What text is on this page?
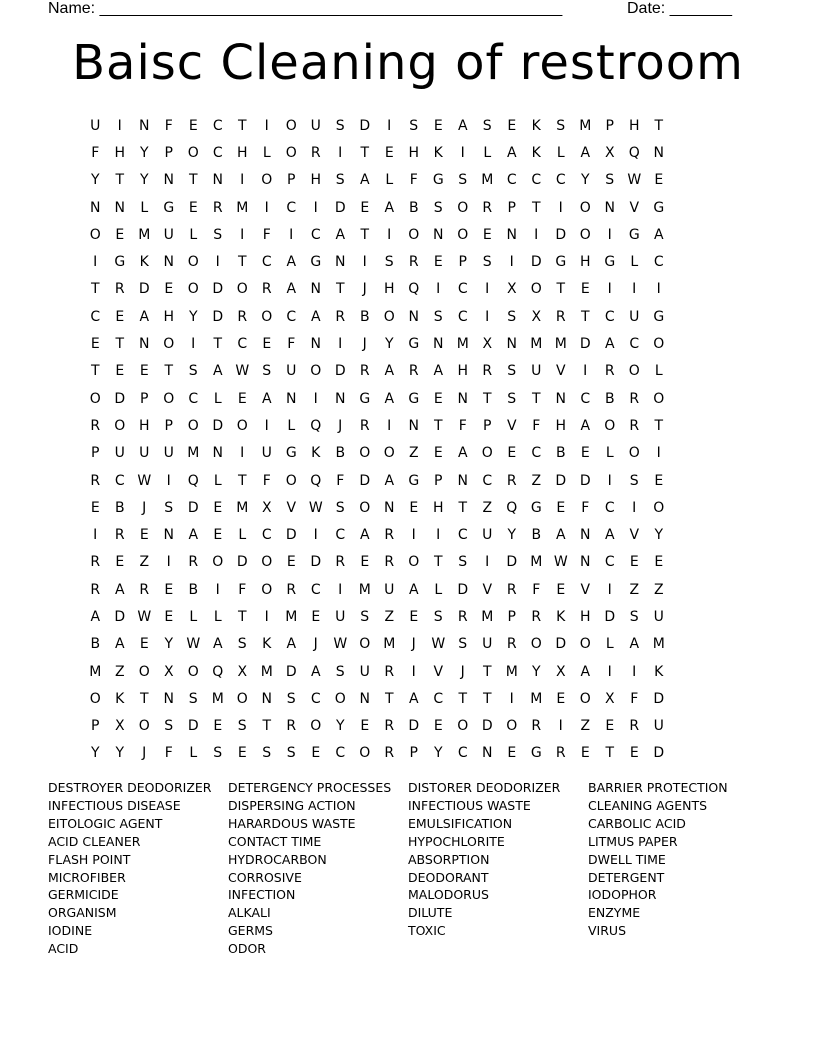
Name: ____________________________________________________	Date: _______
Baisc Cleaning of restroom
U	I	N	F	E	C	T	I	O U	S	D	I	S	E	A	S	E	K	S	M	P	H	T
F	H	Y	P	O	C	H	L	O	R	I	T	E	H	K	I	L	A	K	L	A	X	Q N
Y	T	Y	N	T	N	I	O	P	H	S	A	L	F	G	S	M C	C	C	Y	S W E
N	N	L	G	E	R M	I	C	I	D	E	A	B	S	O	R	P	T	I	O N	V	G
O	E	M U	L	S	I	F	I	C	A	T	I	O N O	E	N	I	D O	I	G	A
I	G	K	N O	I	T	C	A	G N	I	S	R	E	P	S	I	D G H G	L	C
T	R	D	E	O D O	R	A	N	T	J	H Q	I	C	I	X	O	T	E	I	I	I
C	E	A	H	Y	D	R	O	C	A	R	B	O N	S	C	I	S	X	R	T	C	U G
E	T	N O	I	T	C	E	F	N	I	J	Y	G N M X	N M M D	A	C	O
T	E	E	T	S	A W S	U O D	R	A	R	A	H	R	S	U	V	I	R	O	L
O D	P	O	C	L	E	A	N	I	N G	A	G	E	N	T	S	T	N	C	B	R	O
R	O H	P	O D O	I	L	Q	J	R	I	N	T	F	P	V	F	H	A	O	R	T
P	U	U	U M N	I	U G	K	B	O O	Z	E	A	O	E	C	B	E	L	O	I
R	C W	I	Q	L	T	F	O Q	F	D	A	G	P	N	C	R	Z	D D	I	S	E
E	B	J	S	D	E	M X	V W S	O N	E	H	T	Z	Q G	E	F	C	I	O
I	R	E	N	A	E	L	C	D	I	C	A	R	I	I	C	U	Y	B	A	N	A	V	Y
R	E	Z	I	R	O D O	E	D	R	E	R	O	T	S	I	D M W N	C	E	E
R	A	R	E	B	I	F	O	R	C	I	M U	A	L	D	V	R	F	E	V	I	Z	Z
A	D W E	L	L	T	I	M	E	U	S	Z	E	S	R M	P	R	K	H D	S	U
B	A	E	Y W A	S	K	A	J	W O M	J	W S	U	R	O D O	L	A M
M Z	O	X	O Q	X M D	A	S	U	R	I	V	J	T	M	Y	X	A	I	I	K
O	K	T	N	S	M O N	S	C	O N	T	A	C	T	T	I	M	E	O	X	F	D
P	X	O	S	D	E	S	T	R	O	Y	E	R	D	E	O D O	R	I	Z	E	R	U
Y	Y	J	F	L	S	E	S	S	E	C	O	R	P	Y	C	N	E	G	R	E	T	E	D
DESTROYER DEODORIZER
INFECTIOUS DISEASE
EITOLOGIC AGENT
ACID CLEANER
FLASH POINT
MICROFIBER
GERMICIDE
ORGANISM
IODINE
ACID
DETERGENCY PROCESSES
DISPERSING ACTION
HARARDOUS WASTE
CONTACT TIME
HYDROCARBON
CORROSIVE
INFECTION
ALKALI
GERMS
ODOR
DISTORER DEODORIZER
INFECTIOUS WASTE
EMULSIFICATION
HYPOCHLORITE
ABSORPTION
DEODORANT
MALODORUS
DILUTE
TOXIC
BARRIER PROTECTION
CLEANING AGENTS
CARBOLIC ACID
LITMUS PAPER
DWELL TIME
DETERGENT
IODOPHOR
ENZYME
VIRUS
